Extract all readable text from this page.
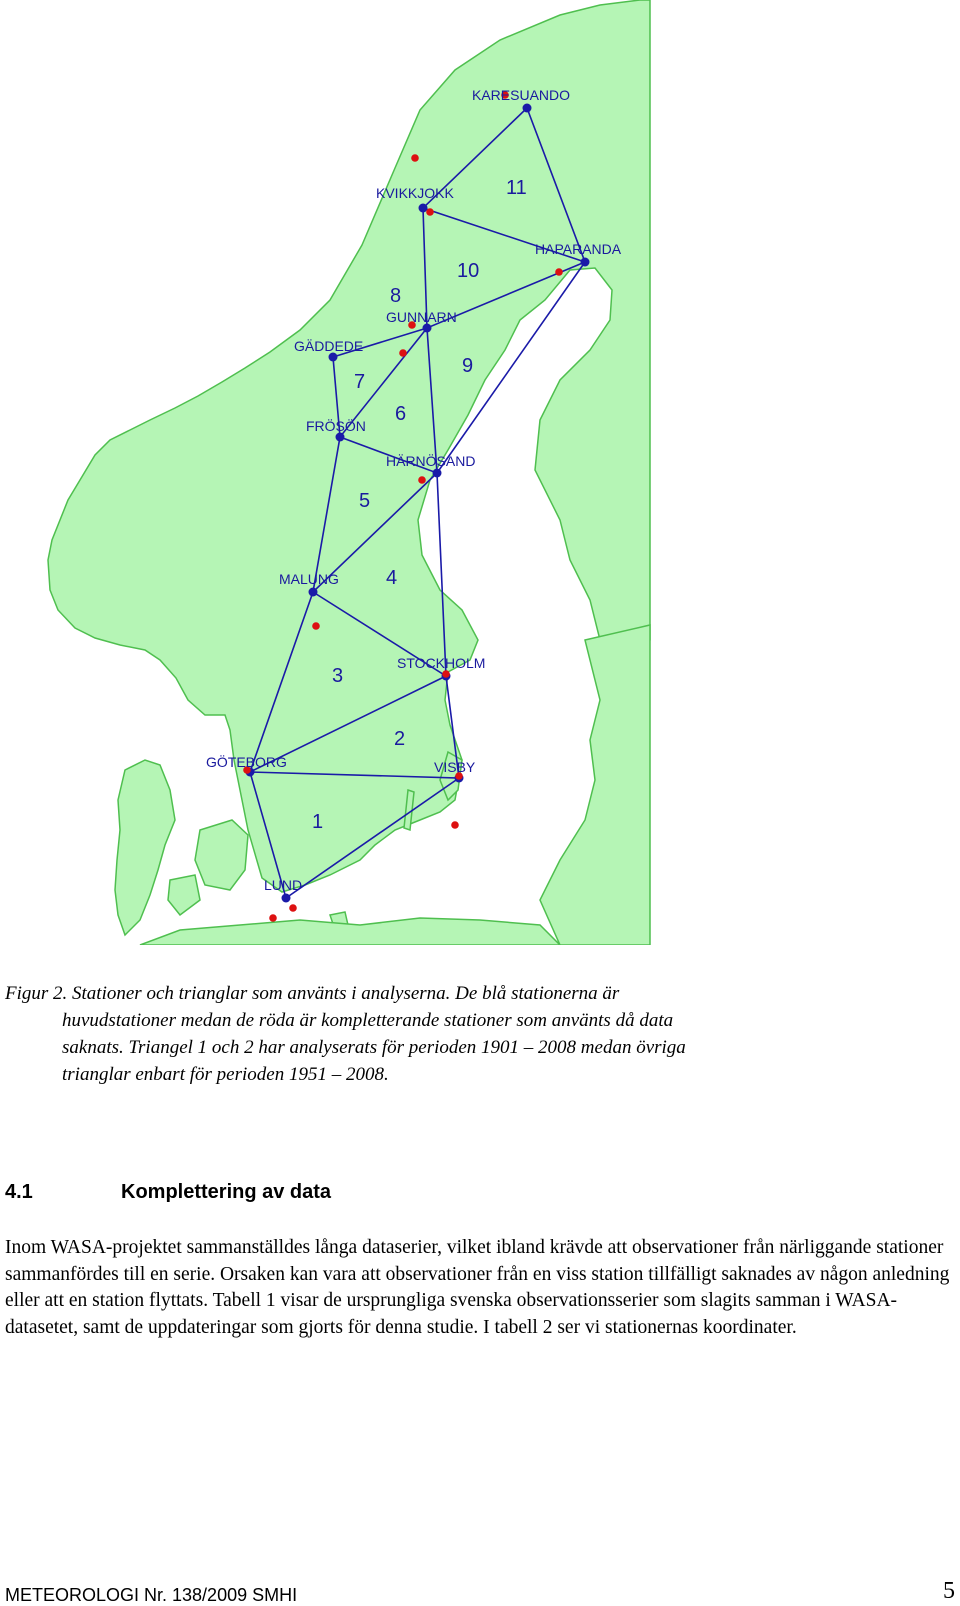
KARESUANDO
KVIKKJOKK
HAPARANDA
GUNNARN
GÄDDEDE
FRÖSÖN
HÄRNÖSAND
MALUNG
STOCKHOLM
GÖTEBORG	VISBY
LUND
1
2
3
4
5
6
7
8
9
10
11
Figur 2. Stationer och trianglar som använts i analyserna. De blå stationerna är
huvudstationer medan de röda är kompletterande stationer som använts då data
saknats. Triangel 1 och 2 har analyserats för perioden 1901 – 2008 medan övriga
trianglar enbart för perioden 1951 – 2008.
4.1	Komplettering av data
Inom WASA-projektet sammanställdes långa dataserier, vilket ibland krävde att observationer från närliggande stationer sammanfördes till en serie. Orsaken kan vara att observationer från en viss station tillfälligt saknades av någon anledning eller att en station flyttats. Tabell 1 visar de ursprungliga svenska observationsserier som slagits samman i WASA-datasetet, samt de uppdateringar som gjorts för denna studie. I tabell 2 ser vi stationernas koordinater.
METEOROLOGI Nr. 138/2009 SMHI	5
